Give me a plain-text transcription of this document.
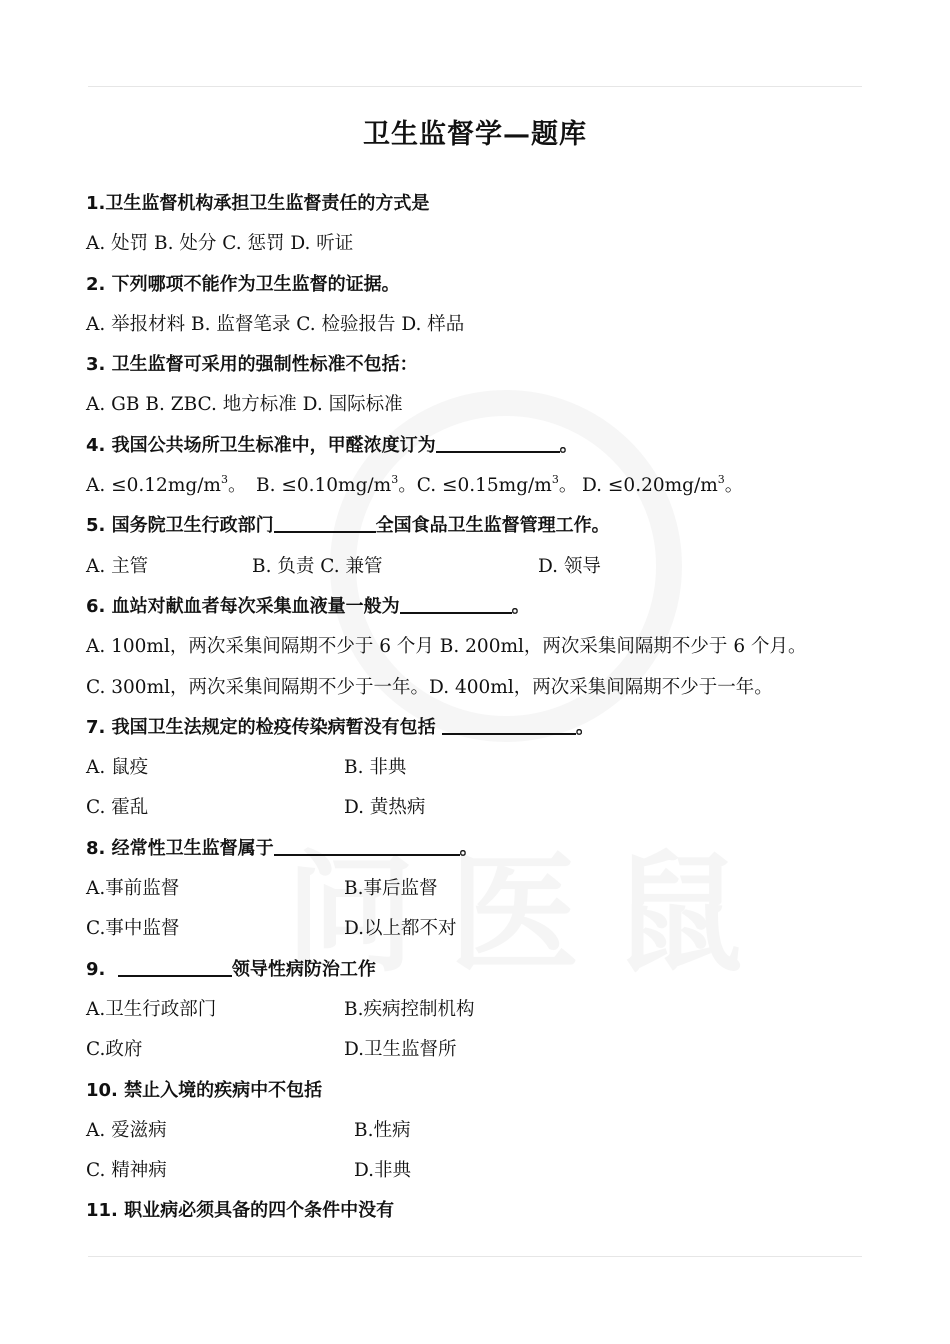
卫生监督学—题库
1.卫生监督机构承担卫生监督责任的方式是
A. 处罚 B. 处分 C. 惩罚 D. 听证
2. 下列哪项不能作为卫生监督的证据。
A. 举报材料 B. 监督笔录 C. 检验报告 D. 样品
3. 卫生监督可采用的强制性标准不包括：
A. GB B. ZBC. 地方标准 D. 国际标准
4. 我国公共场所卫生标准中，甲醛浓度订为	。
A. $\le 0.12mg/m^3$。 B. $\le 0.10mg/m^3$。C. $\le 0.15mg/m^3$。 D. $\le 0.20mg/m^3$。
5. 国务院卫生行政部门	全国食品卫生监督管理工作。
A. 主管	B. 负责 C. 兼管	D. 领导
6. 血站对献血者每次采集血液量一般为	。
A. 100ml，两次采集间隔期不少于 6 个月 B. 200ml，两次采集间隔期不少于 6 个月。
C. 300ml，两次采集间隔期不少于一年。D. 400ml，两次采集间隔期不少于一年。
7. 我国卫生法规定的检疫传染病暂没有包括	。
A. 鼠疫	B. 非典
C. 霍乱	D. 黄热病
8. 经常性卫生监督属于	。
A.事前监督	B.事后监督
C.事中监督	D.以上都不对
9.	领导性病防治工作
A.卫生行政部门	B.疾病控制机构
C.政府	D.卫生监督所
10. 禁止入境的疾病中不包括
A. 爱滋病	B.性病
C. 精神病	D.非典
11. 职业病必须具备的四个条件中没有
